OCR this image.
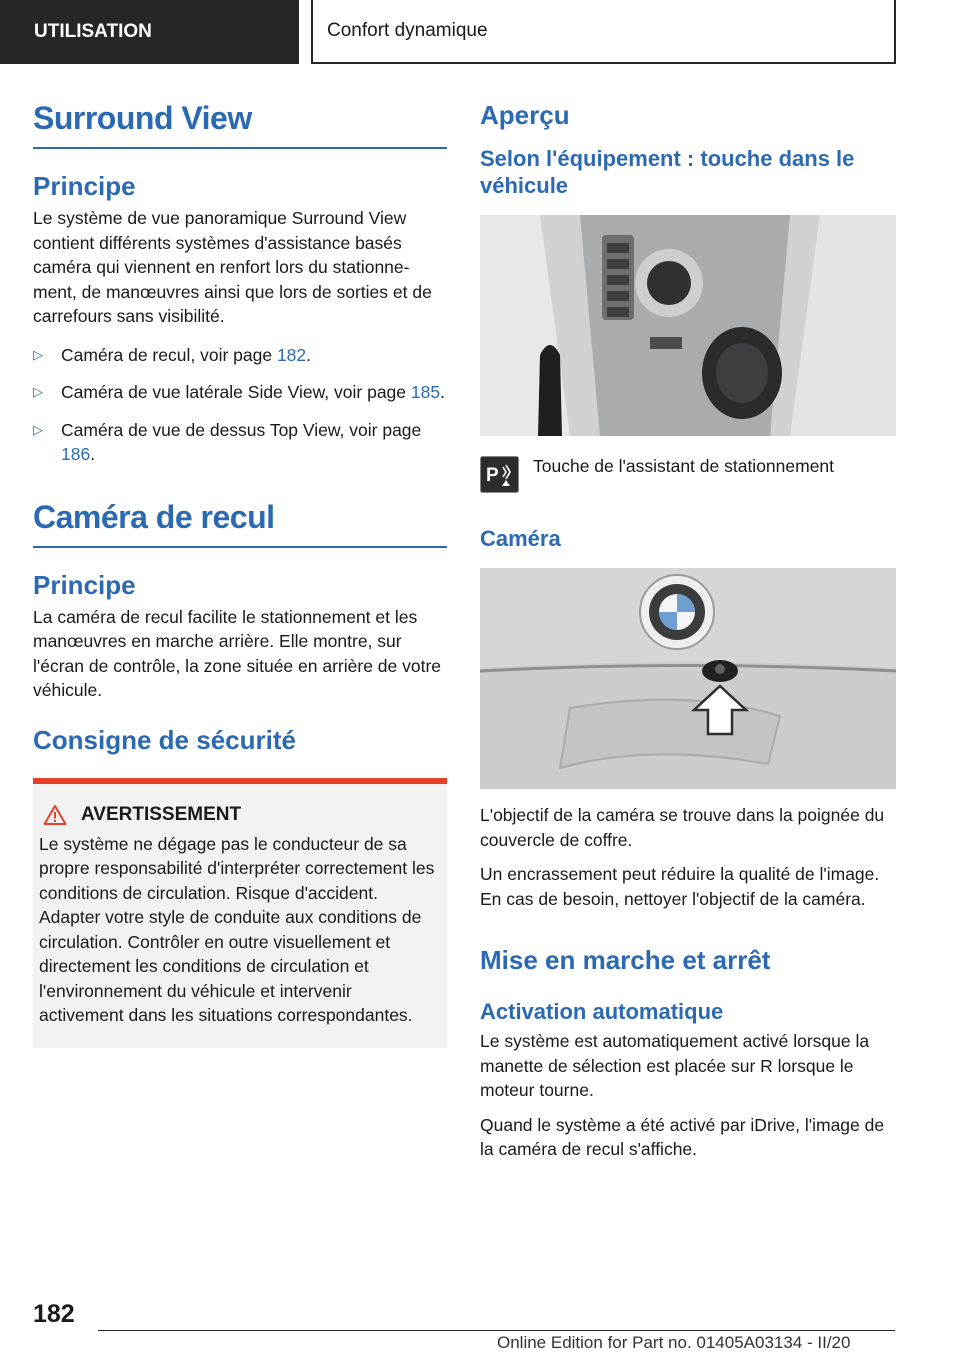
UTILISATION	Confort dynamique
Surround View
Principe

Le système de vue panoramique Surround View contient différents systèmes d'assistance basés caméra qui viennent en renfort lors du stationnement, de manœuvres ainsi que lors de sorties et de carrefours sans visibilité.

▷ Caméra de recul, voir page 182.
▷ Caméra de vue latérale Side View, voir page 185.
▷ Caméra de vue de dessus Top View, voir page 186.
Caméra de recul
Principe

La caméra de recul facilite le stationnement et les manœuvres en marche arrière. Elle montre, sur l'écran de contrôle, la zone située en arrière de votre véhicule.

Consigne de sécurité
AVERTISSEMENT

Le système ne dégage pas le conducteur de sa propre responsabilité d'interpréter correctement les conditions de circulation. Risque d'accident. Adapter votre style de conduite aux conditions de circulation. Contrôler en outre visuellement et directement les conditions de circulation et l'environnement du véhicule et intervenir activement dans les situations correspondantes.

Aperçu
Selon l'équipement : touche dans le véhicule
P Touche de l'assistant de stationnement

Caméra

L'objectif de la caméra se trouve dans la poignée du couvercle de coffre.

Un encrassement peut réduire la qualité de l'image. En cas de besoin, nettoyer l'objectif de la caméra.

Mise en marche et arrêt
Activation automatique

Le système est automatiquement activé lorsque la manette de sélection est placée sur R lorsque le moteur tourne.

Quand le système a été activé par iDrive, l'image de la caméra de recul s'affiche.

182
Online Edition for Part no. 01405A03134 - II/20
